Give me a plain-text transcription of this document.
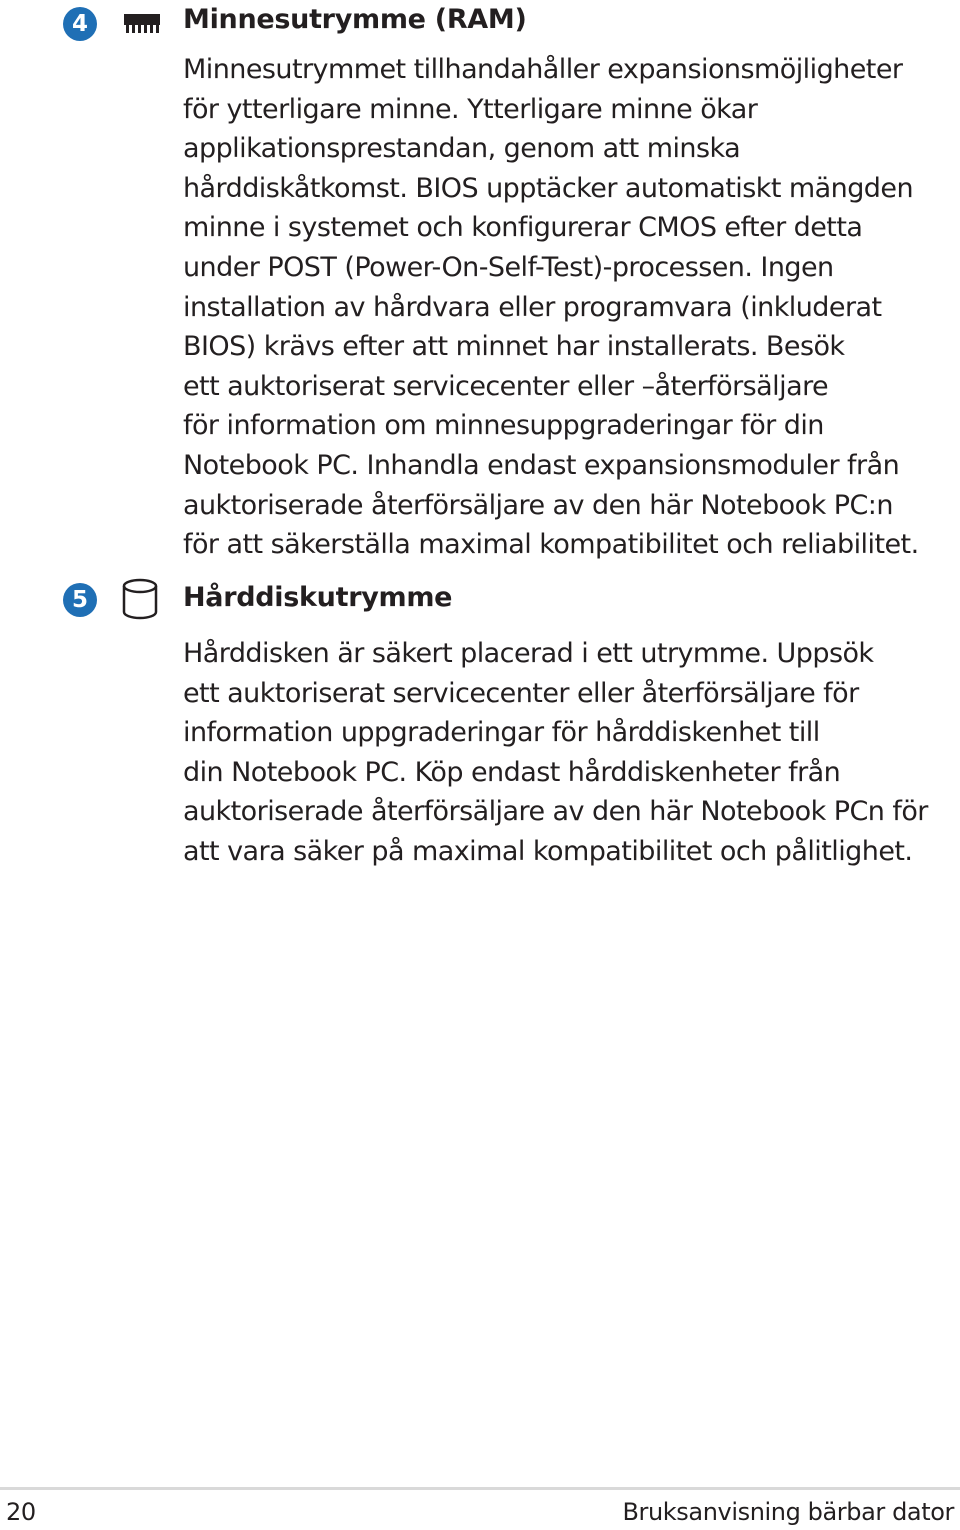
4	Minnesutrymme (RAM)

Minnesutrymmet tillhandahåller expansionsmöjligheter
för ytterligare minne. Ytterligare minne ökar
applikationsprestandan, genom att minska
hårddiskåtkomst. BIOS upptäcker automatiskt mängden
minne i systemet och konfigurerar CMOS efter detta
under POST (Power-On-Self-Test)-processen. Ingen
installation av hårdvara eller programvara (inkluderat
BIOS) krävs efter att minnet har installerats. Besök
ett auktoriserat servicecenter eller –återförsäljare
för information om minnesuppgraderingar för din
Notebook PC. Inhandla endast expansionsmoduler från
auktoriserade återförsäljare av den här Notebook PC:n
för att säkerställa maximal kompatibilitet och reliabilitet.

5	Hårddiskutrymme

Hårddisken är säkert placerad i ett utrymme. Uppsök
ett auktoriserat servicecenter eller återförsäljare för
information uppgraderingar för hårddiskenhet till
din Notebook PC. Köp endast hårddiskenheter från
auktoriserade återförsäljare av den här Notebook PCn för
att vara säker på maximal kompatibilitet och pålitlighet.

20	Bruksanvisning bärbar dator
